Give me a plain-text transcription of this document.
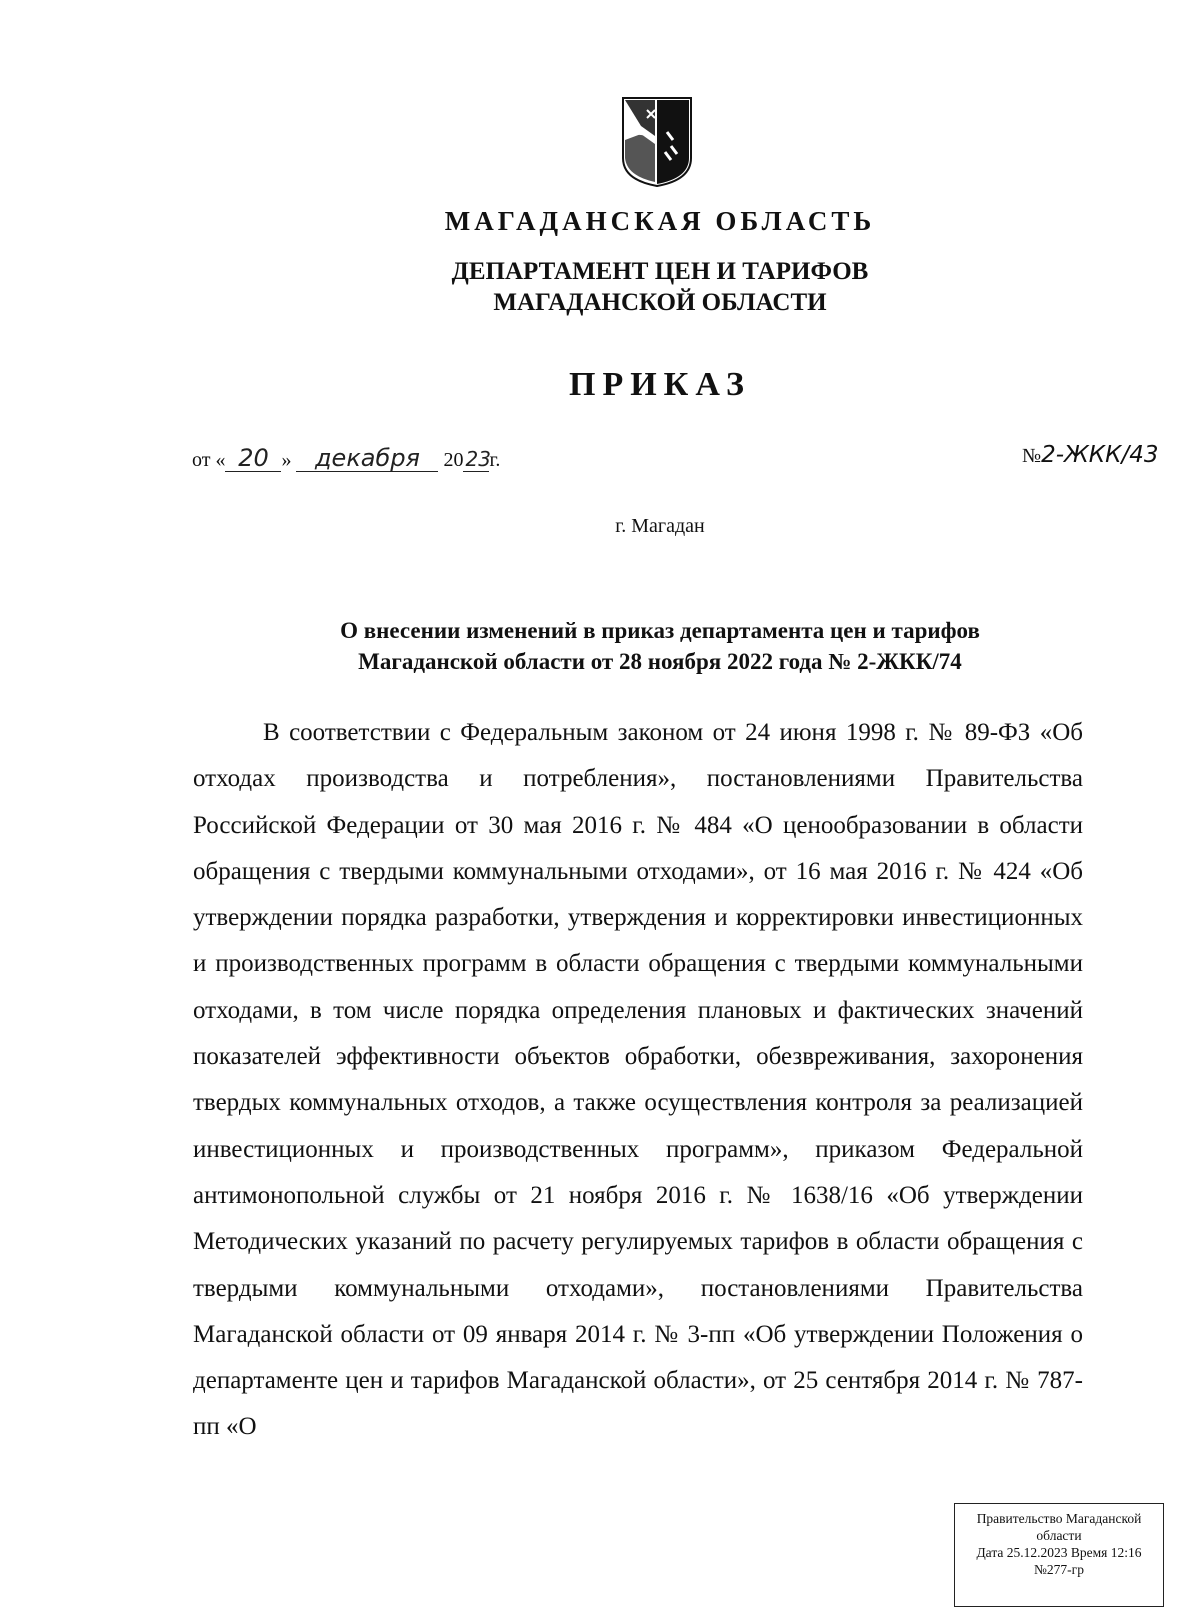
МАГАДАНСКАЯ ОБЛАСТЬ
ДЕПАРТАМЕНТ ЦЕН И ТАРИФОВ
МАГАДАНСКОЙ ОБЛАСТИ
ПРИКАЗ
от « 20 » декабря 20 23г.	№2-ЖКК/43
г. Магадан
О внесении изменений в приказ департамента цен и тарифов
Магаданской области от 28 ноября 2022 года № 2-ЖКК/74
В соответствии с Федеральным законом от 24 июня 1998 г. № 89-ФЗ «Об отходах производства и потребления», постановлениями Правительства Российской Федерации от 30 мая 2016 г. № 484 «О ценообразовании в области обращения с твердыми коммунальными отходами», от 16 мая 2016 г. № 424 «Об утверждении порядка разработки, утверждения и корректировки инвестиционных и производственных программ в области обращения с твердыми коммунальными отходами, в том числе порядка определения плановых и фактических значений показателей эффективности объектов обработки, обезвреживания, захоронения твердых коммунальных отходов, а также осуществления контроля за реализацией инвестиционных и производственных программ», приказом Федеральной антимонопольной службы от 21 ноября 2016 г. № 1638/16 «Об утверждении Методических указаний по расчету регулируемых тарифов в области обращения с твердыми коммунальными отходами», постановлениями Правительства Магаданской области от 09 января 2014 г. № 3-пп «Об утверждении Положения о департаменте цен и тарифов Магаданской области», от 25 сентября 2014 г. № 787-пп «О
Правительство Магаданской
области
Дата 25.12.2023 Время 12:16
№277-гр
